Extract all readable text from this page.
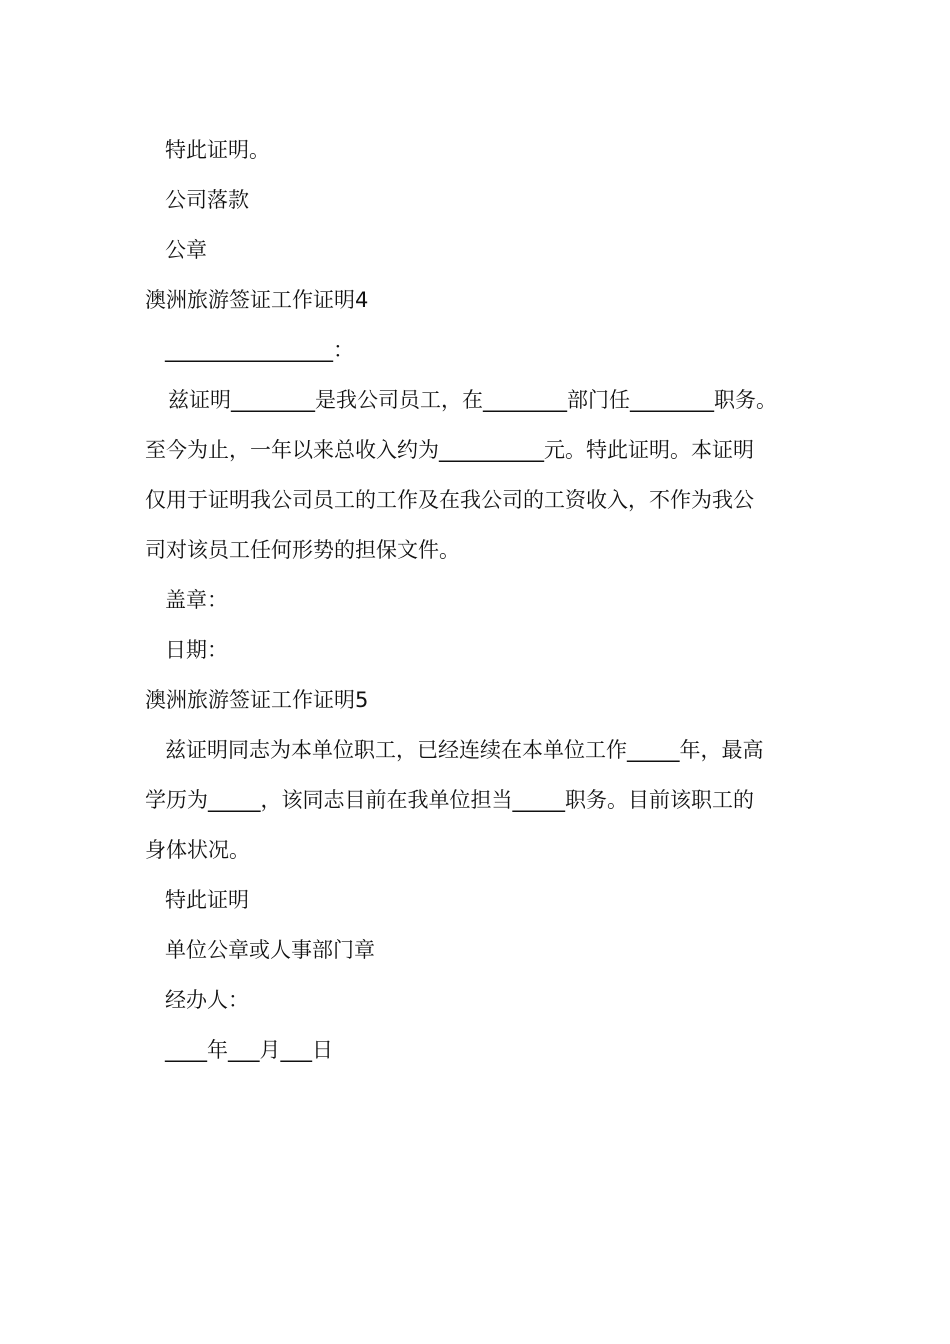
特此证明。
公司落款
公章
澳洲旅游签证工作证明4
________________：
兹证明________是我公司员工，在________部门任________职务。
至今为止，一年以来总收入约为__________元。特此证明。本证明
仅用于证明我公司员工的工作及在我公司的工资收入，不作为我公
司对该员工任何形势的担保文件。
盖章：
日期：
澳洲旅游签证工作证明5
兹证明同志为本单位职工，已经连续在本单位工作_____年，最高
学历为_____，该同志目前在我单位担当_____职务。目前该职工的
身体状况。
特此证明
单位公章或人事部门章
经办人：
____年___月___日
